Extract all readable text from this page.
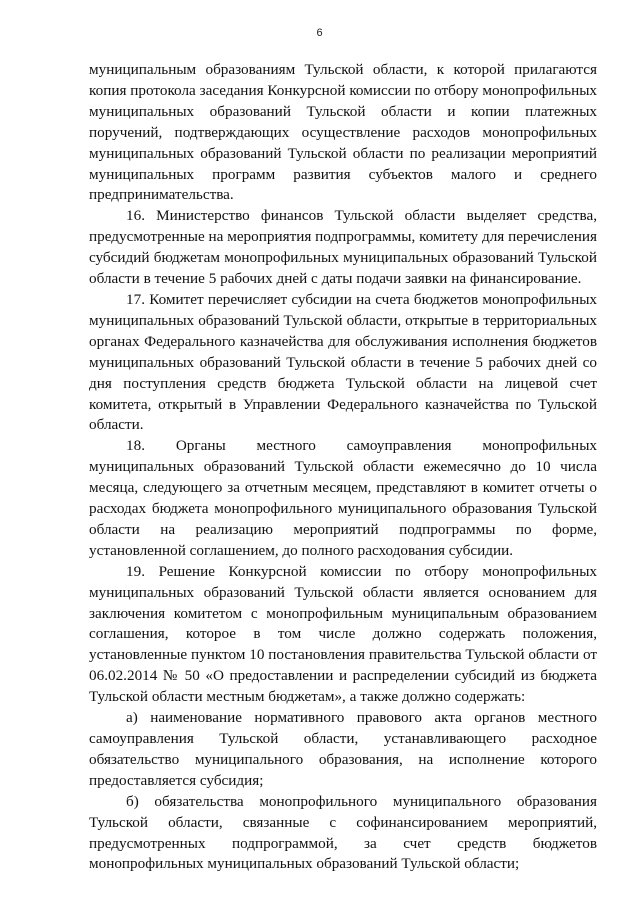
6

муниципальным образованиям Тульской области, к которой прилагаются копия протокола заседания Конкурсной комиссии по отбору монопрофильных муниципальных образований Тульской области и копии платежных поручений, подтверждающих осуществление расходов монопрофильных муниципальных образований Тульской области по реализации мероприятий муниципальных программ развития субъектов малого и среднего предпринимательства.

16. Министерство финансов Тульской области выделяет средства, предусмотренные на мероприятия подпрограммы, комитету для перечисления субсидий бюджетам монопрофильных муниципальных образований Тульской области в течение 5 рабочих дней с даты подачи заявки на финансирование.

17. Комитет перечисляет субсидии на счета бюджетов монопрофильных муниципальных образований Тульской области, открытые в территориальных органах Федерального казначейства для обслуживания исполнения бюджетов муниципальных образований Тульской области в течение 5 рабочих дней со дня поступления средств бюджета Тульской области на лицевой счет комитета, открытый в Управлении Федерального казначейства по Тульской области.

18. Органы местного самоуправления монопрофильных муниципальных образований Тульской области ежемесячно до 10 числа месяца, следующего за отчетным месяцем, представляют в комитет отчеты о расходах бюджета монопрофильного муниципального образования Тульской области на реализацию мероприятий подпрограммы по форме, установленной соглашением, до полного расходования субсидии.

19. Решение Конкурсной комиссии по отбору монопрофильных муниципальных образований Тульской области является основанием для заключения комитетом с монопрофильным муниципальным образованием соглашения, которое в том числе должно содержать положения, установленные пунктом 10 постановления правительства Тульской области от 06.02.2014 № 50 «О предоставлении и распределении субсидий из бюджета Тульской области местным бюджетам», а также должно содержать:

а) наименование нормативного правового акта органов местного самоуправления Тульской области, устанавливающего расходное обязательство муниципального образования, на исполнение которого предоставляется субсидия;

б) обязательства монопрофильного муниципального образования Тульской области, связанные с софинансированием мероприятий, предусмотренных подпрограммой, за счет средств бюджетов монопрофильных муниципальных образований Тульской области;
